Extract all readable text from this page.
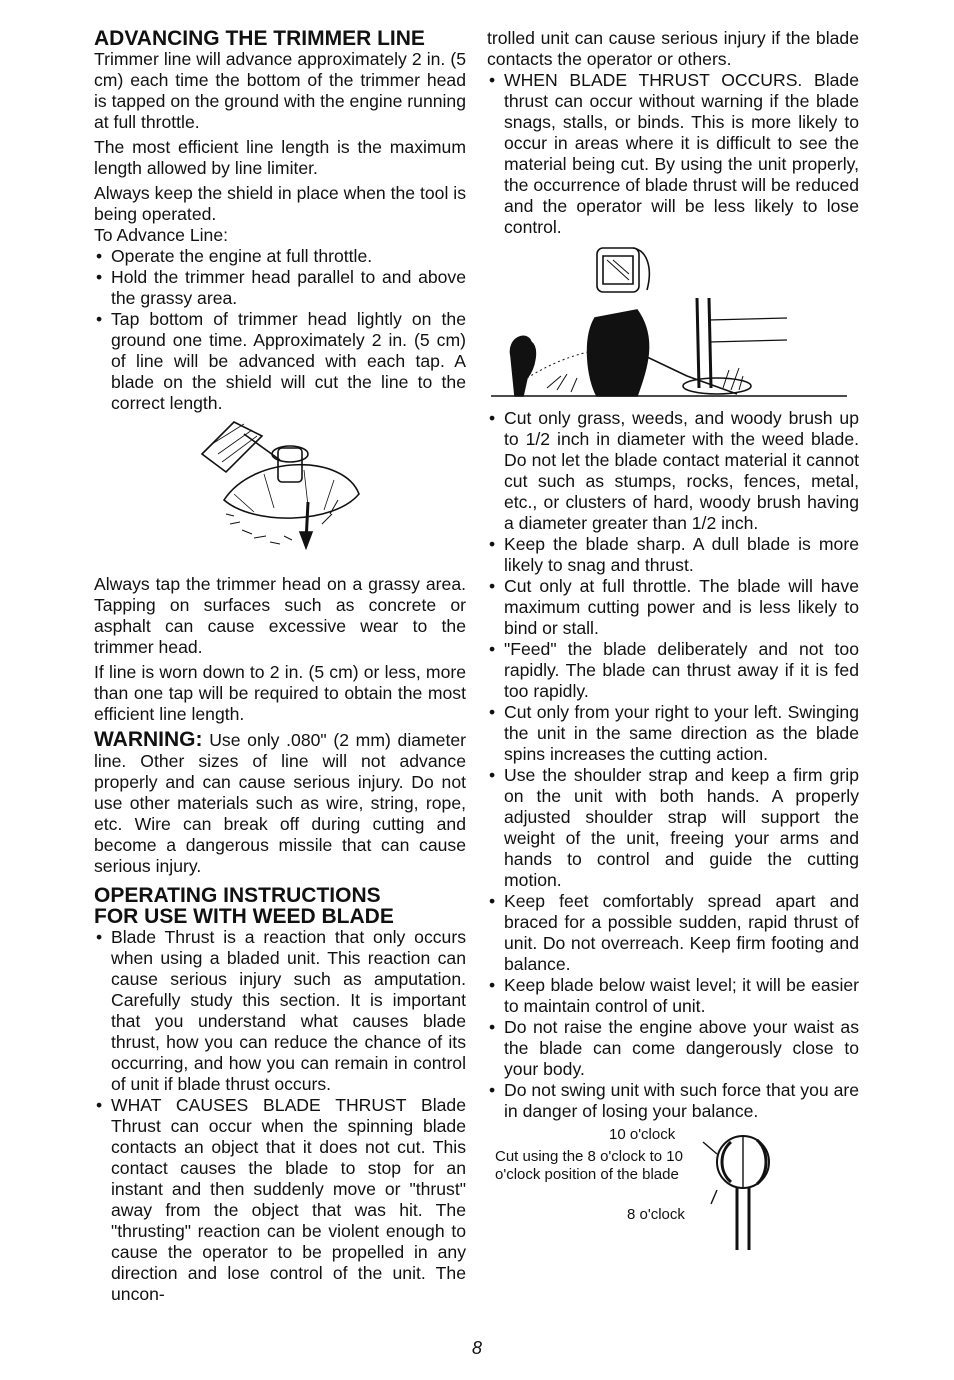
ADVANCING THE TRIMMER LINE

Trimmer line will advance approximately 2 in. (5 cm) each time the bottom of the trimmer head is tapped on the ground with the engine running at full throttle.

The most efficient line length is the maximum length allowed by line limiter.

Always keep the shield in place when the tool is being operated.

To Advance Line:

• Operate the engine at full throttle.
• Hold the trimmer head parallel to and above the grassy area.
• Tap bottom of trimmer head lightly on the ground one time. Approximately 2 in. (5 cm) of line will be advanced with each tap. A blade on the shield will cut the line to the correct length.

Always tap the trimmer head on a grassy area. Tapping on surfaces such as concrete or asphalt can cause excessive wear to the trimmer head.

If line is worn down to 2 in. (5 cm) or less, more than one tap will be required to obtain the most efficient line length.

WARNING: Use only .080" (2 mm) diameter line. Other sizes of line will not advance properly and can cause serious injury. Do not use other materials such as wire, string, rope, etc. Wire can break off during cutting and become a dangerous missile that can cause serious injury.

OPERATING INSTRUCTIONS
FOR USE WITH WEED BLADE
• Blade Thrust is a reaction that only occurs when using a bladed unit. This reaction can cause serious injury such as amputation. Carefully study this section. It is important that you understand what causes blade thrust, how you can reduce the chance of its occurring, and how you can remain in control of unit if blade thrust occurs.
• WHAT CAUSES BLADE THRUST Blade Thrust can occur when the spinning blade contacts an object that it does not cut. This contact causes the blade to stop for an instant and then suddenly move or "thrust" away from the object that was hit. The "thrusting" reaction can be violent enough to cause the operator to be propelled in any direction and lose control of the unit. The uncon-

trolled unit can cause serious injury if the blade contacts the operator or others.

• WHEN BLADE THRUST OCCURS. Blade thrust can occur without warning if the blade snags, stalls, or binds. This is more likely to occur in areas where it is difficult to see the material being cut. By using the unit properly, the occurrence of blade thrust will be reduced and the operator will be less likely to lose control.
• Cut only grass, weeds, and woody brush up to 1/2 inch in diameter with the weed blade. Do not let the blade contact material it cannot cut such as stumps, rocks, fences, metal, etc., or clusters of hard, woody brush having a diameter greater than 1/2 inch.
• Keep the blade sharp. A dull blade is more likely to snag and thrust.
• Cut only at full throttle. The blade will have maximum cutting power and is less likely to bind or stall.
• "Feed" the blade deliberately and not too rapidly. The blade can thrust away if it is fed too rapidly.
• Cut only from your right to your left. Swinging the unit in the same direction as the blade spins increases the cutting action.
• Use the shoulder strap and keep a firm grip on the unit with both hands. A properly adjusted shoulder strap will support the weight of the unit, freeing your arms and hands to control and guide the cutting motion.
• Keep feet comfortably spread apart and braced for a possible sudden, rapid thrust of unit. Do not overreach. Keep firm footing and balance.
• Keep blade below waist level; it will be easier to maintain control of unit.
• Do not raise the engine above your waist as the blade can come dangerously close to your body.
• Do not swing unit with such force that you are in danger of losing your balance.
10 o'clock
Cut using the 8 o'clock to 10 o'clock position of the blade
8 o'clock
8
